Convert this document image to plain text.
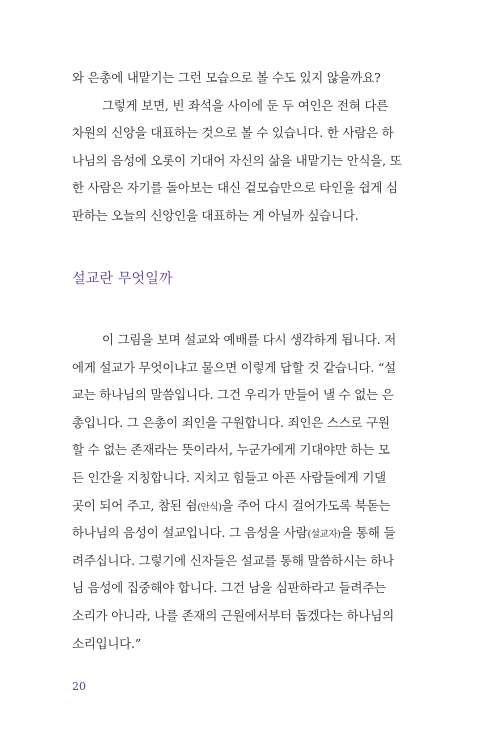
와 은총에 내맡기는 그런 모습으로 볼 수도 있지 않을까요?
그렇게 보면, 빈 좌석을 사이에 둔 두 여인은 전혀 다른
차원의 신앙을 대표하는 것으로 볼 수 있습니다. 한 사람은 하
나님의 음성에 오롯이 기대어 자신의 삶을 내맡기는 안식을, 또
한 사람은 자기를 돌아보는 대신 겉모습만으로 타인을 쉽게 심
판하는 오늘의 신앙인을 대표하는 게 아닐까 싶습니다.
설교란 무엇일까
이 그림을 보며 설교와 예배를 다시 생각하게 됩니다. 저
에게 설교가 무엇이냐고 물으면 이렇게 답할 것 같습니다. “설
교는 하나님의 말씀입니다. 그건 우리가 만들어 낼 수 없는 은
총입니다. 그 은총이 죄인을 구원합니다. 죄인은 스스로 구원
할 수 없는 존재라는 뜻이라서, 누군가에게 기대야만 하는 모
든 인간을 지칭합니다. 지치고 힘들고 아픈 사람들에게 기댈
곳이 되어 주고, 참된 쉼(안식)을 주어 다시 걸어가도록 북돋는
하나님의 음성이 설교입니다. 그 음성을 사람(설교자)을 통해 들
려주십니다. 그렇기에 신자들은 설교를 통해 말씀하시는 하나
님 음성에 집중해야 합니다. 그건 남을 심판하라고 들려주는
소리가 아니라, 나를 존재의 근원에서부터 돕겠다는 하나님의
소리입니다.”
20
